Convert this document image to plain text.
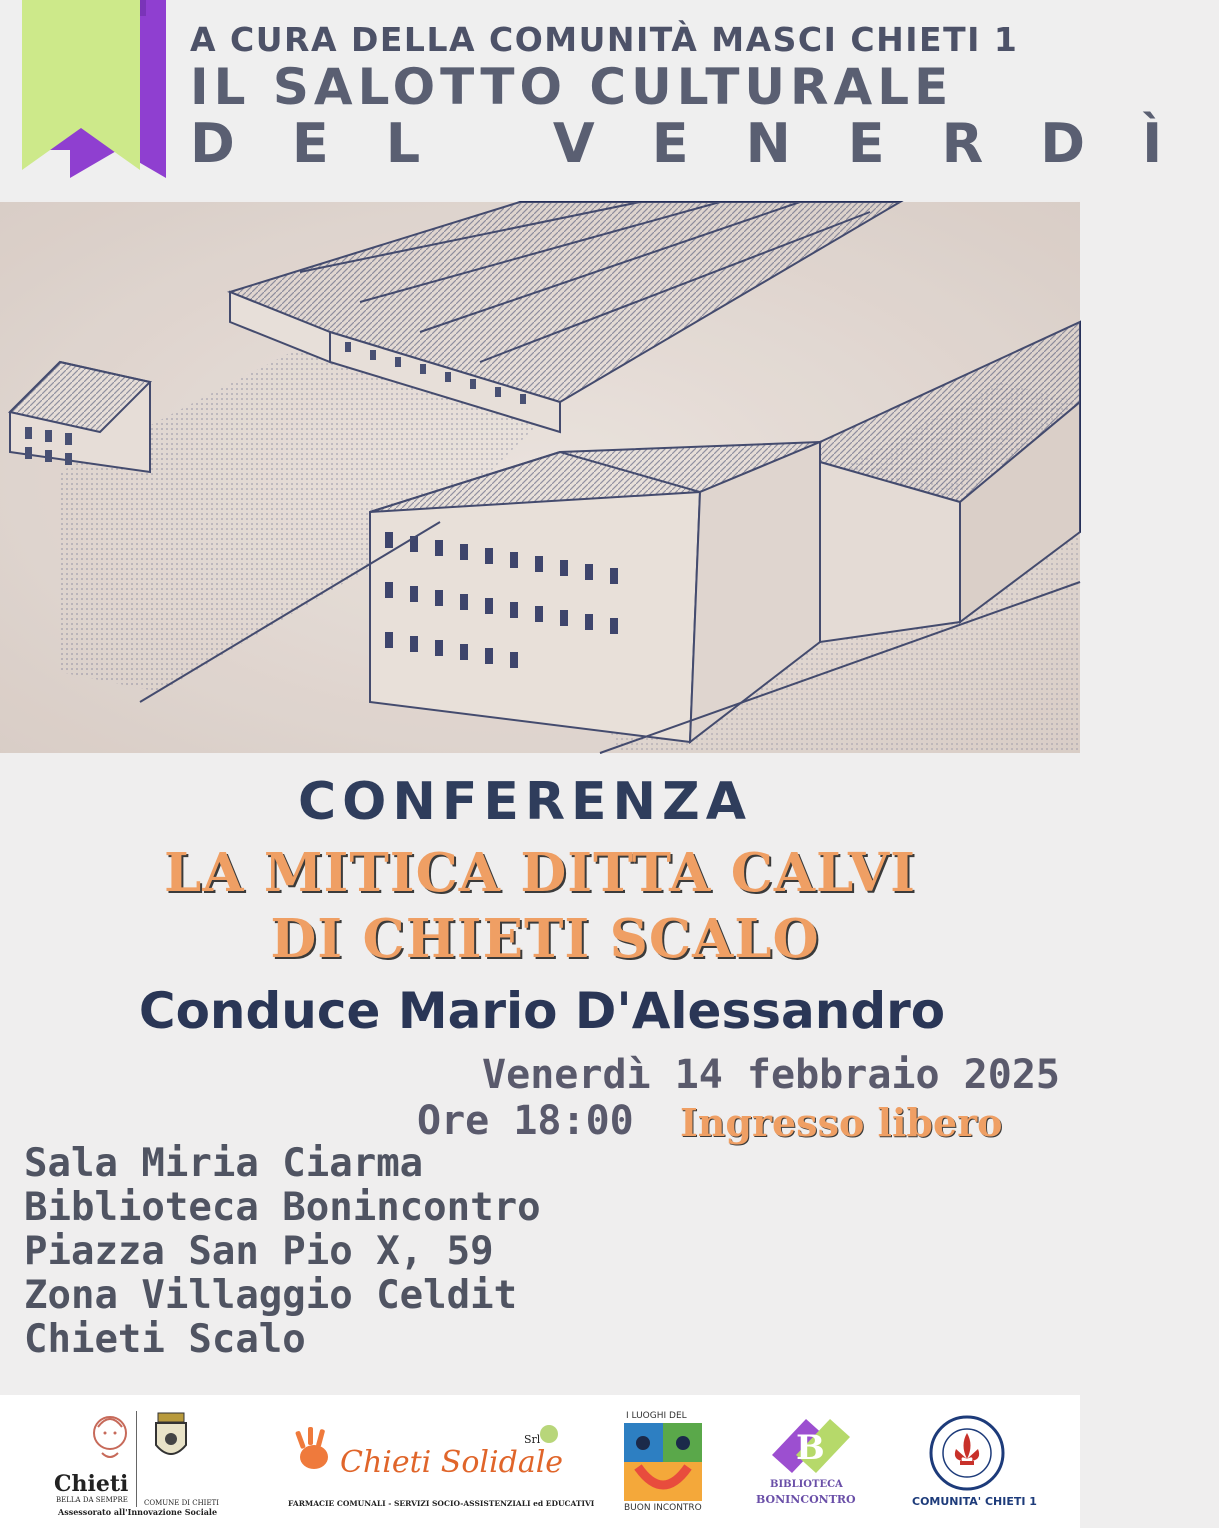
A CURA DELLA COMUNITÀ MASCI CHIETI 1
IL SALOTTO CULTURALE
DEL VENERDÌ
CONFERENZA
LA MITICA DITTA CALVI
DI CHIETI SCALO
Conduce Mario D'Alessandro
Venerdì 14 febbraio 2025
Ore 18:00 Ingresso libero
Sala Miria Ciarma
Biblioteca Bonincontro
Piazza San Pio X, 59
Zona Villaggio Celdit
Chieti Scalo
Chieti
BELLA DA SEMPRE COMUNE DI CHIETI
Assessorato all'Innovazione Sociale
Srl
Chieti Solidale
FARMACIE COMUNALI - SERVIZI SOCIO-ASSISTENZIALI ed EDUCATIVI
I LUOGHI DEL
BUON INCONTRO
B
BIBLIOTECA
BONINCONTRO	COMUNITA' CHIETI 1
